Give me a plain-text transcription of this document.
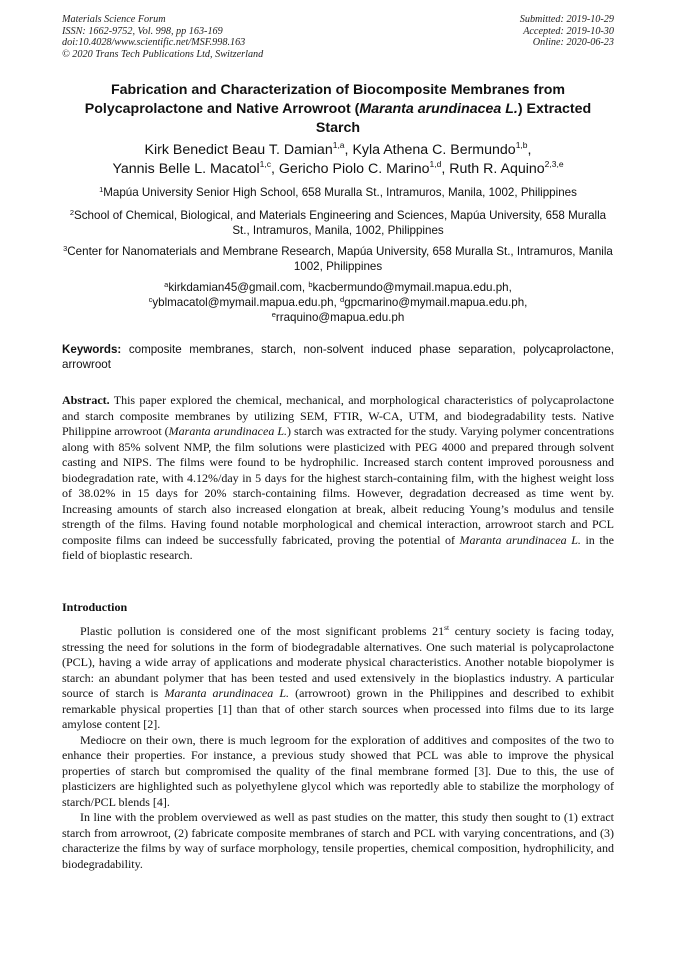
Materials Science Forum
ISSN: 1662-9752, Vol. 998, pp 163-169
doi:10.4028/www.scientific.net/MSF.998.163
© 2020 Trans Tech Publications Ltd, Switzerland
Submitted: 2019-10-29
Accepted: 2019-10-30
Online: 2020-06-23
Fabrication and Characterization of Biocomposite Membranes from Polycaprolactone and Native Arrowroot (Maranta arundinacea L.) Extracted Starch
Kirk Benedict Beau T. Damian$^{1,a}$, Kyla Athena C. Bermundo$^{1,b}$,
Yannis Belle L. Macatol$^{1,c}$, Gericho Piolo C. Marino$^{1,d}$, Ruth R. Aquino$^{2,3,e}$
$^1$Mapúa University Senior High School, 658 Muralla St., Intramuros, Manila, 1002, Philippines
$^2$School of Chemical, Biological, and Materials Engineering and Sciences, Mapúa University, 658 Muralla St., Intramuros, Manila, 1002, Philippines
$^3$Center for Nanomaterials and Membrane Research, Mapúa University, 658 Muralla St., Intramuros, Manila 1002, Philippines
$^a$kirkdamian45@gmail.com, $^b$kacbermundo@mymail.mapua.edu.ph,
$^c$yblmacatol@mymail.mapua.edu.ph, $^d$gpcmarino@mymail.mapua.edu.ph,
$^e$rraquino@mapua.edu.ph
Keywords: composite membranes, starch, non-solvent induced phase separation, polycaprolactone, arrowroot

Abstract. This paper explored the chemical, mechanical, and morphological characteristics of polycaprolactone and starch composite membranes by utilizing SEM, FTIR, W-CA, UTM, and biodegradability tests. Native Philippine arrowroot (Maranta arundinacea L.) starch was extracted for the study. Varying polymer concentrations along with 85% solvent NMP, the film solutions were plasticized with PEG 4000 and prepared through solvent casting and NIPS. The films were found to be hydrophilic. Increased starch content improved porousness and biodegradation rate, with 4.12%/day in 5 days for the highest starch-containing film, with the highest weight loss of 38.02% in 15 days for 20% starch-containing films. However, degradation decreased as time went by. Increasing amounts of starch also increased elongation at break, albeit reducing Young’s modulus and tensile strength of the films. Having found notable morphological and chemical interaction, arrowroot starch and PCL composite films can indeed be successfully fabricated, proving the potential of Maranta arundinacea L. in the field of bioplastic research.

Introduction

Plastic pollution is considered one of the most significant problems 21st century society is facing today, stressing the need for solutions in the form of biodegradable alternatives. One such material is polycaprolactone (PCL), having a wide array of applications and moderate physical characteristics. Another notable biopolymer is starch: an abundant polymer that has been tested and used extensively in the bioplastics industry. A particular source of starch is Maranta arundinacea L. (arrowroot) grown in the Philippines and described to exhibit remarkable physical properties [1] than that of other starch sources when processed into films due to its large amylose content [2].

Mediocre on their own, there is much legroom for the exploration of additives and composites of the two to enhance their properties. For instance, a previous study showed that PCL was able to improve the physical properties of starch but compromised the quality of the final membrane formed [3]. Due to this, the use of plasticizers are highlighted such as polyethylene glycol which was reportedly able to stabilize the morphology of starch/PCL blends [4].

In line with the problem overviewed as well as past studies on the matter, this study then sought to (1) extract starch from arrowroot, (2) fabricate composite membranes of starch and PCL with varying concentrations, and (3) characterize the films by way of surface morphology, tensile properties, chemical composition, hydrophilicity, and biodegradability.
